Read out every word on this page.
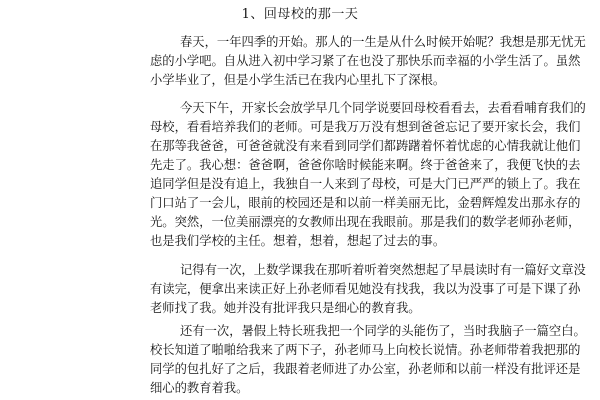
1、回母校的那一天
春天，一年四季的开始。那人的一生是从什么时候开始呢？我想是那无忧无
虑的小学吧。自从进入初中学习紧了在也没了那快乐而幸福的小学生活了。虽然
小学毕业了，但是小学生活已在我内心里扎下了深根。
今天下午，开家长会放学早几个同学说要回母校看看去，去看看哺育我们的
母校，看看培养我们的老师。可是我万万没有想到爸爸忘记了要开家长会，我们
在那等我爸爸，可爸爸就没有来看到同学们都踌躇着怀着忧虑的心情我就让他们
先走了。我心想：爸爸啊，爸爸你啥时候能来啊。终于爸爸来了，我便飞快的去
追同学但是没有追上，我独自一人来到了母校，可是大门已严严的锁上了。我在
门口站了一会儿，眼前的校园还是和以前一样美丽无比，金碧辉煌发出那永存的
光。突然，一位美丽漂亮的女教师出现在我眼前。那是我们的数学老师孙老师，
也是我们学校的主任。想着，想着，想起了过去的事。
记得有一次，上数学课我在那听着听着突然想起了早晨读时有一篇好文章没
有读完，便拿出来读正好上孙老师看见她没有找我，我以为没事了可是下课了孙
老师找了我。她并没有批评我只是细心的教育我。
还有一次，暑假上特长班我把一个同学的头能伤了，当时我脑子一篇空白。
校长知道了啪啪给我来了两下子，孙老师马上向校长说情。孙老师带着我把那的
同学的包扎好了之后，我跟着老师进了办公室，孙老师和以前一样没有批评还是
细心的教育着我。
